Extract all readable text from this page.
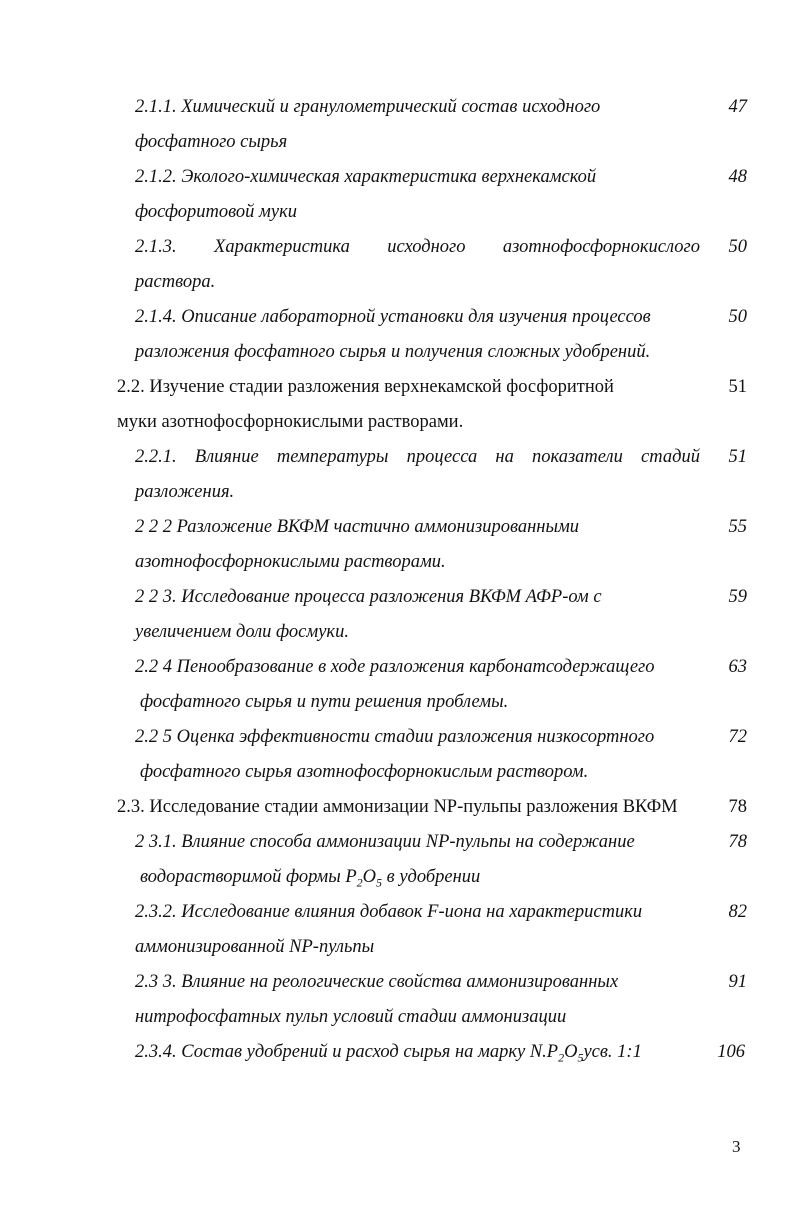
2.1.1. Химический и гранулометрический состав исходного	47
фосфатного сырья
2.1.2. Эколого-химическая характеристика верхнекамской	48
фосфоритовой муки
2.1.3. Характеристика исходного азотнофосфорнокислого	50
раствора.
2.1.4. Описание лабораторной установки для изучения процессов	50
разложения фосфатного сырья и получения сложных удобрений.
2.2. Изучение стадии разложения верхнекамской фосфоритной	51
муки азотнофосфорнокислыми растворами.
2.2.1. Влияние температуры процесса на показатели стадий	51
разложения.
2 2 2 Разложение ВКФМ частично аммонизированными	55
азотнофосфорнокислыми растворами.
2 2 3. Исследование процесса разложения ВКФМ АФР-ом с	59
увеличением доли фосмуки.
2.2 4 Пенообразование в ходе разложения карбонатсодержащего	63
фосфатного сырья и пути решения проблемы.
2.2 5 Оценка эффективности стадии разложения низкосортного	72
фосфатного сырья азотнофосфорнокислым раствором.
2.3. Исследование стадии аммонизации NP-пульпы разложения ВКФМ	78
2 3.1. Влияние способа аммонизации NP-пульпы на содержание	78
водорастворимой формы $P_2O_5$ в удобрении
2.3.2. Исследование влияния добавок F-иона на характеристики	82
аммонизированной NP-пульпы
2.3 3. Влияние на реологические свойства аммонизированных	91
нитрофосфатных пульп условий стадии аммонизации
2.3.4. Состав удобрений и расход сырья на марку $N.P_2O_5усв$. 1:1	106
3
